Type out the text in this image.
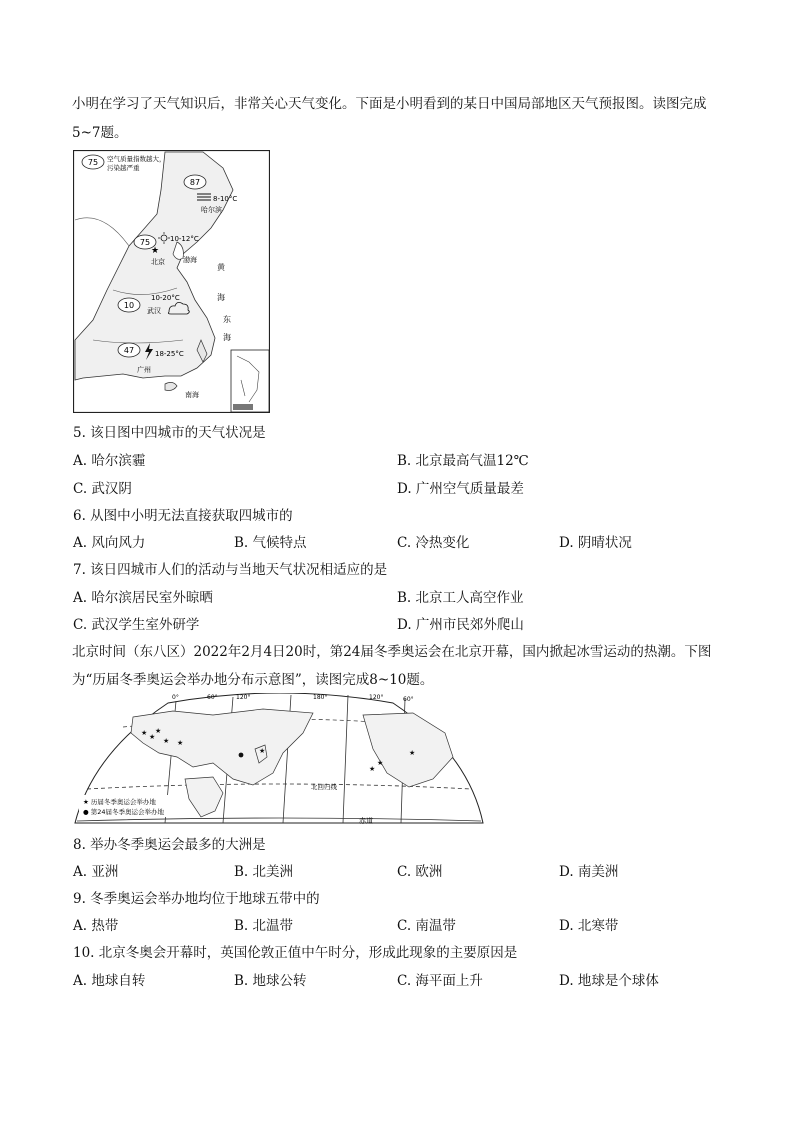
小明在学习了天气知识后，非常关心天气变化。下面是小明看到的某日中国局部地区天气预报图。读图完成5~7题。
75 空气质量指数越大，
污染越严重
87
8-10°C
哈尔滨
75	10-12°C
★
北京	渤海
黄
海
东
海
10
10-20°C
武汉
47	18-25°C
广州
南海
5. 该日图中四城市的天气状况是
A. 哈尔滨霾	B. 北京最高气温12℃
C. 武汉阴	D. 广州空气质量最差
6. 从图中小明无法直接获取四城市的
A. 风向风力	B. 气候特点	C. 冷热变化	D. 阴晴状况
7. 该日四城市人们的活动与当地天气状况相适应的是
A. 哈尔滨居民室外晾晒	B. 北京工人高空作业
C. 武汉学生室外研学	D. 广州市民郊外爬山
北京时间（东八区）2022年2月4日20时，第24届冬季奥运会在北京开幕，国内掀起冰雪运动的热潮。下图
为“历届冬季奥运会举办地分布示意图”，读图完成8~10题。
0°	60°	120°	180°	120°	60°
★ ★
★
★ ★
★
★
★
★
北回归线
赤道
★ 历届冬季奥运会举办地
● 第24届冬季奥运会举办地
8. 举办冬季奥运会最多的大洲是
A. 亚洲	B. 北美洲	C. 欧洲	D. 南美洲
9. 冬季奥运会举办地均位于地球五带中的
A. 热带	B. 北温带	C. 南温带	D. 北寒带
10. 北京冬奥会开幕时，英国伦敦正值中午时分，形成此现象的主要原因是
A. 地球自转	B. 地球公转	C. 海平面上升	D. 地球是个球体
